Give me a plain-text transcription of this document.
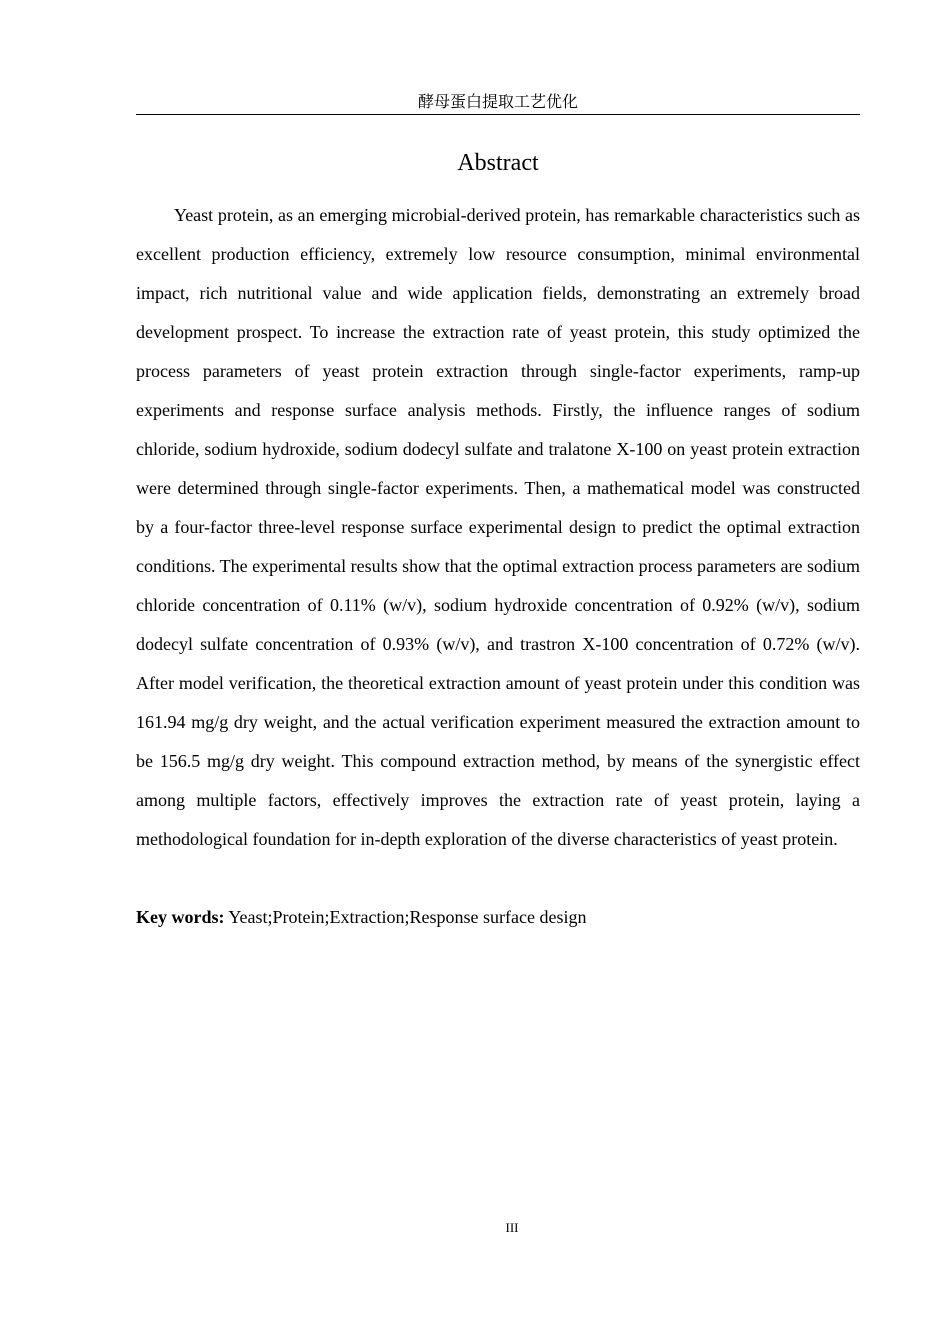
酵母蛋白提取工艺优化
Abstract

Yeast protein, as an emerging microbial-derived protein, has remarkable characteristics such as excellent production efficiency, extremely low resource consumption, minimal environmental impact, rich nutritional value and wide application fields, demonstrating an extremely broad development prospect. To increase the extraction rate of yeast protein, this study optimized the process parameters of yeast protein extraction through single-factor experiments, ramp-up experiments and response surface analysis methods. Firstly, the influence ranges of sodium chloride, sodium hydroxide, sodium dodecyl sulfate and tralatone X-100 on yeast protein extraction were determined through single-factor experiments. Then, a mathematical model was constructed by a four-factor three-level response surface experimental design to predict the optimal extraction conditions. The experimental results show that the optimal extraction process parameters are sodium chloride concentration of 0.11% (w/v), sodium hydroxide concentration of 0.92% (w/v), sodium dodecyl sulfate concentration of 0.93% (w/v), and trastron X-100 concentration of 0.72% (w/v). After model verification, the theoretical extraction amount of yeast protein under this condition was 161.94 mg/g dry weight, and the actual verification experiment measured the extraction amount to be 156.5 mg/g dry weight. This compound extraction method, by means of the synergistic effect among multiple factors, effectively improves the extraction rate of yeast protein, laying a methodological foundation for in-depth exploration of the diverse characteristics of yeast protein.

Key words: Yeast;Protein;Extraction;Response surface design

III
